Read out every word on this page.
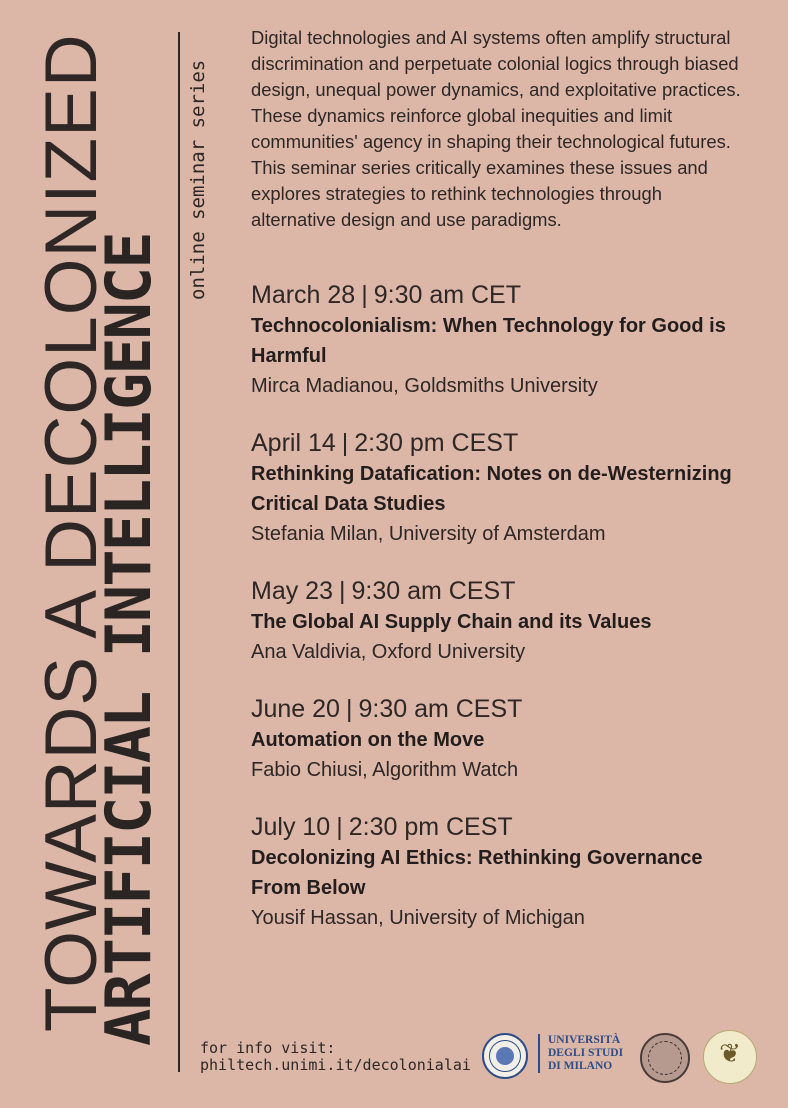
TOWARDS A DECOLONIZED
ARTIFICIAL INTELLIGENCE
online seminar series

Digital technologies and AI systems often amplify structural discrimination and perpetuate colonial logics through biased design, unequal power dynamics, and exploitative practices. These dynamics reinforce global inequities and limit communities' agency in shaping their technological futures. This seminar series critically examines these issues and explores strategies to rethink technologies through alternative design and use paradigms.

March 28 | 9:30 am CET
Technocolonialism: When Technology for Good is Harmful
Mirca Madianou, Goldsmiths University
April 14 | 2:30 pm CEST
Rethinking Datafication: Notes on de-Westernizing Critical Data Studies
Stefania Milan, University of Amsterdam
May 23 | 9:30 am CEST
The Global AI Supply Chain and its Values
Ana Valdivia, Oxford University
June 20 | 9:30 am CEST
Automation on the Move
Fabio Chiusi, Algorithm Watch
July 10 | 2:30 pm CEST
Decolonizing AI Ethics: Rethinking Governance From Below
Yousif Hassan, University of Michigan
for info visit:
philtech.unimi.it/decolonialai
UNIVERSITÀ
DEGLI STUDI
DI MILANO	❦
